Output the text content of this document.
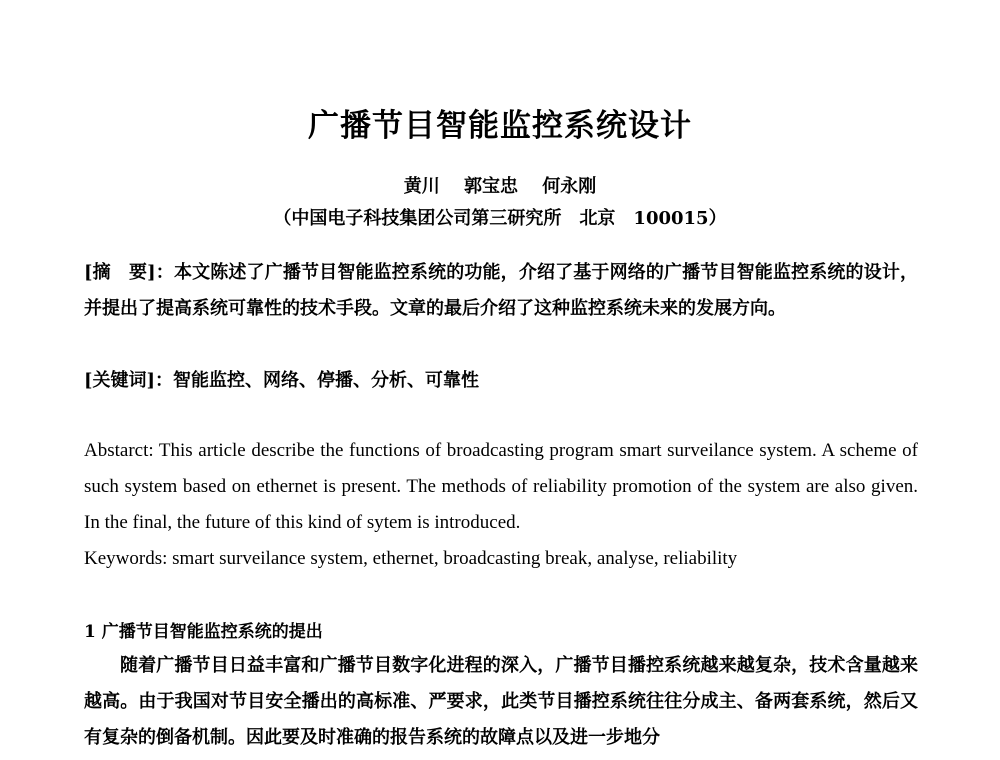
广播节目智能监控系统设计
黄川 郭宝忠 何永刚
（中国电子科技集团公司第三研究所　北京　100015）
[摘　要]：本文陈述了广播节目智能监控系统的功能，介绍了基于网络的广播节目智能监控系统的设计，并提出了提高系统可靠性的技术手段。文章的最后介绍了这种监控系统未来的发展方向。
[关键词]：智能监控、网络、停播、分析、可靠性
Abstarct: This article describe the functions of broadcasting program smart surveilance system. A scheme of such system based on ethernet is present. The methods of reliability promotion of the system are also given. In the final, the future of this kind of sytem is introduced.
Keywords: smart surveilance system, ethernet, broadcasting break, analyse, reliability
1 广播节目智能监控系统的提出
随着广播节目日益丰富和广播节目数字化进程的深入，广播节目播控系统越来越复杂，技术含量越来越高。由于我国对节目安全播出的高标准、严要求，此类节目播控系统往往分成主、备两套系统，然后又有复杂的倒备机制。因此要及时准确的报告系统的故障点以及进一步地分
